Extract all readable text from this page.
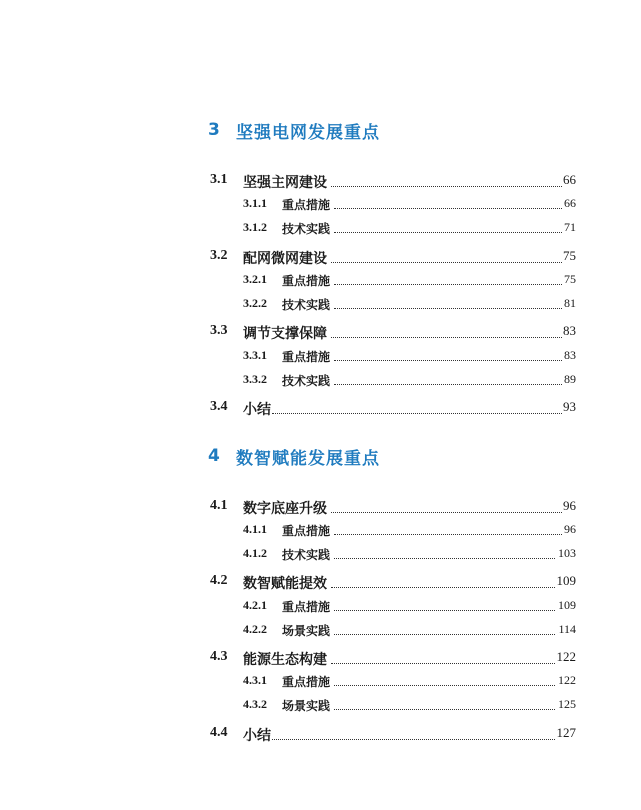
3 坚强电网发展重点
3.1 坚强主网建设	66
3.1.1 重点措施	66
3.1.2 技术实践	71
3.2 配网微网建设	75
3.2.1 重点措施	75
3.2.2 技术实践	81
3.3 调节支撑保障	83
3.3.1 重点措施	83
3.3.2 技术实践	89
3.4 小结	93
4 数智赋能发展重点
4.1 数字底座升级	96
4.1.1 重点措施	96
4.1.2 技术实践	103
4.2 数智赋能提效	109
4.2.1 重点措施	109
4.2.2 场景实践	114
4.3 能源生态构建	122
4.3.1 重点措施	122
4.3.2 场景实践	125
4.4 小结	127
